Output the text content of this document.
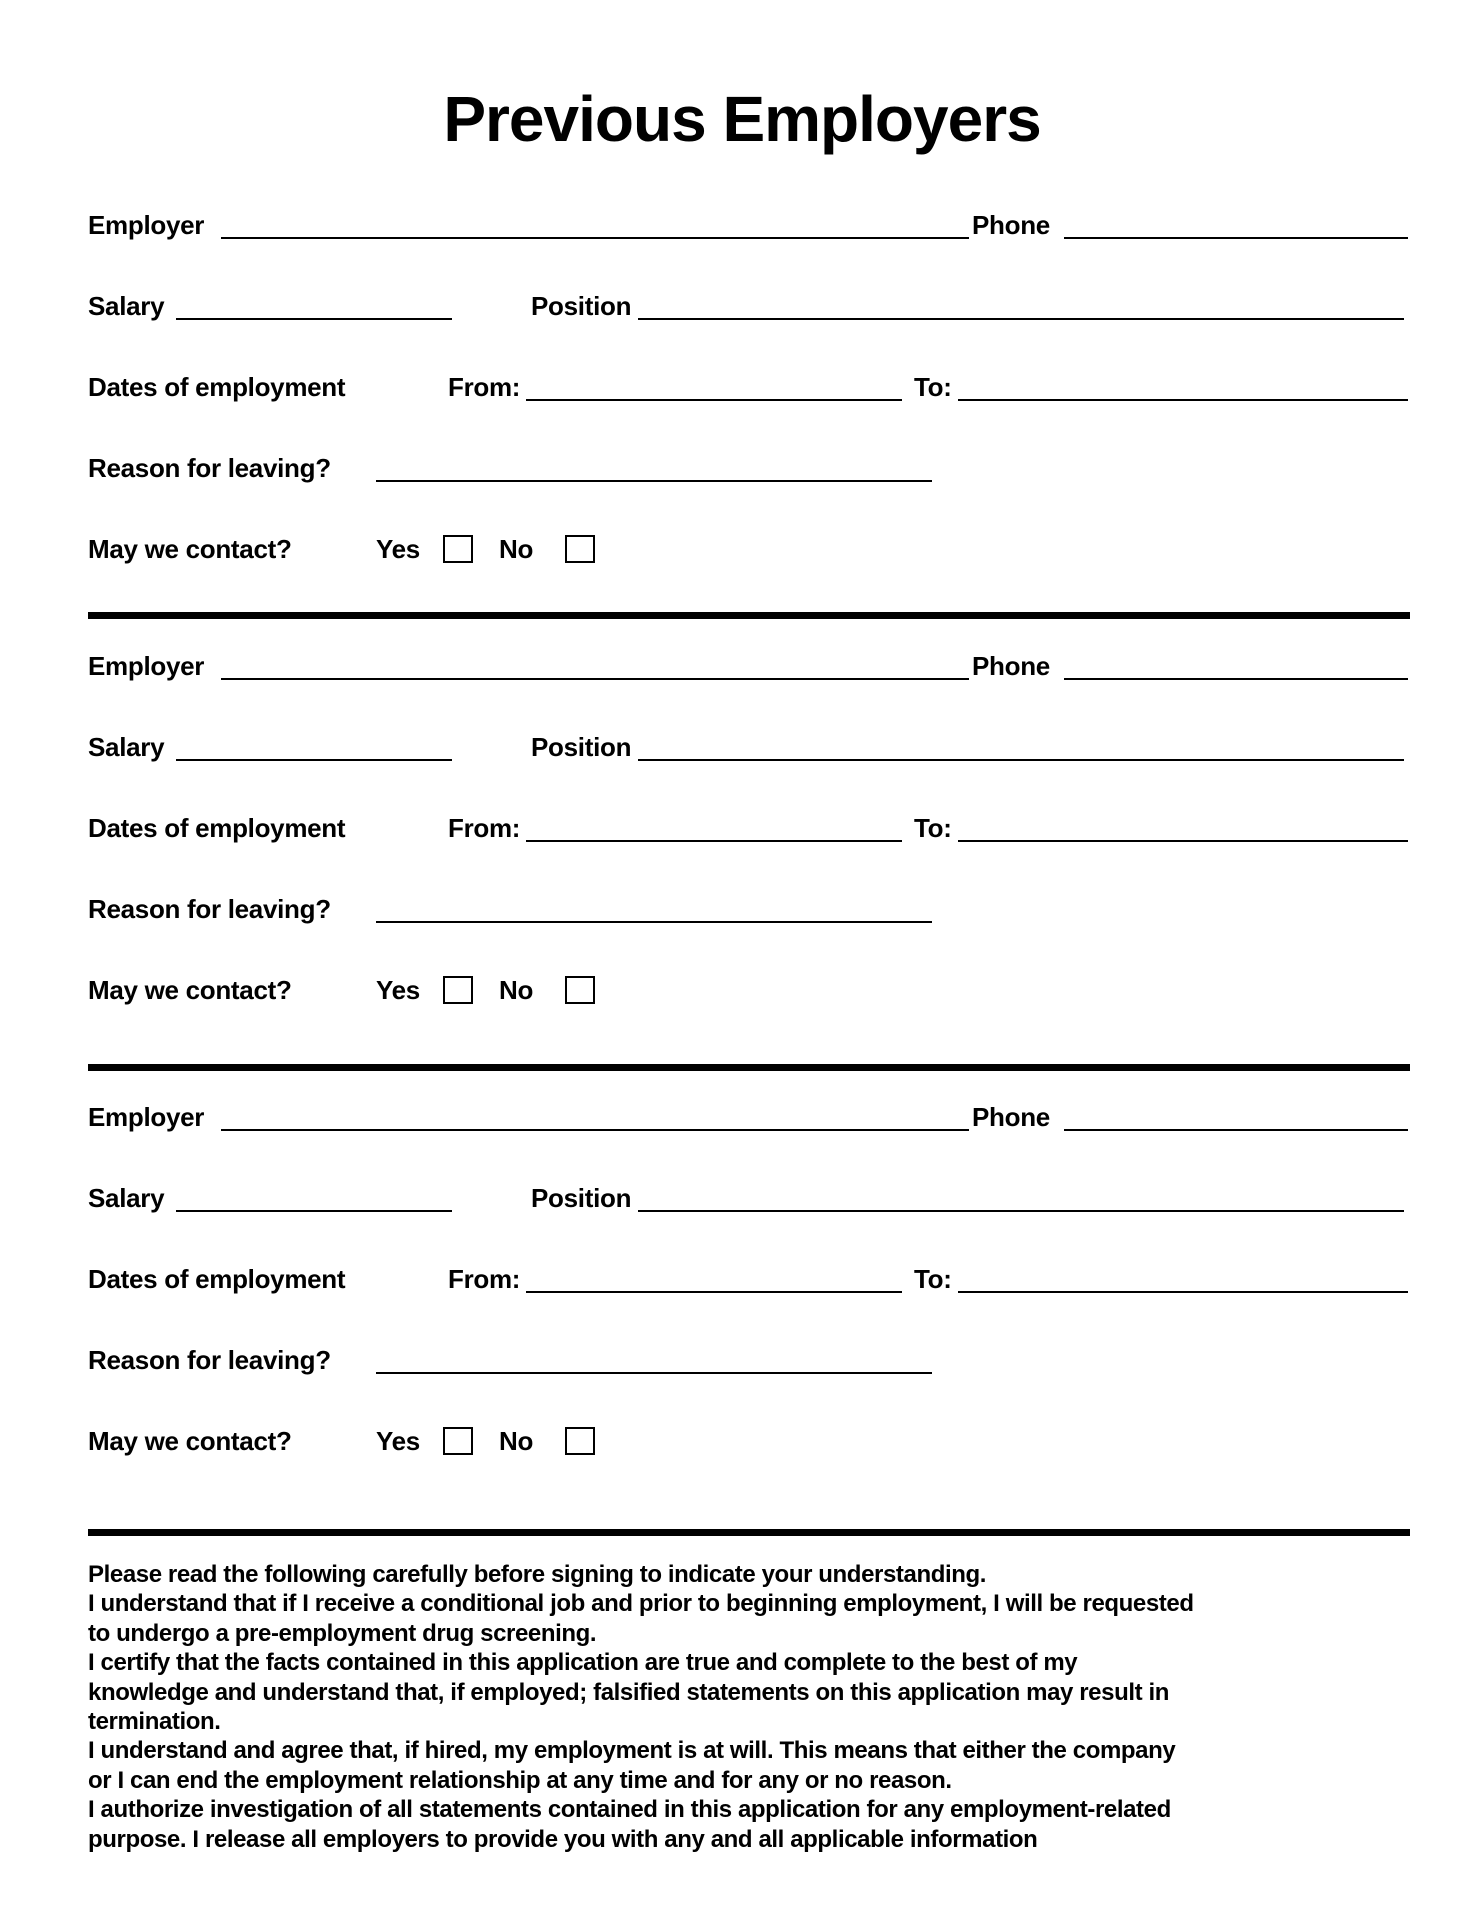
Previous Employers
Employer	Phone
Salary	Position
Dates of employment	From:	To:
Reason for leaving?
May we contact?	Yes	No
Employer	Phone
Salary	Position
Dates of employment	From:	To:
Reason for leaving?
May we contact?	Yes	No
Employer	Phone
Salary	Position
Dates of employment	From:	To:
Reason for leaving?
May we contact?	Yes	No
Please read the following carefully before signing to indicate your understanding.
I understand that if I receive a conditional job and prior to beginning employment, I will be requested
to undergo a pre-employment drug screening.
I certify that the facts contained in this application are true and complete to the best of my
knowledge and understand that, if employed; falsified statements on this application may result in
termination.
I understand and agree that, if hired, my employment is at will. This means that either the company
or I can end the employment relationship at any time and for any or no reason.
I authorize investigation of all statements contained in this application for any employment-related
purpose. I release all employers to provide you with any and all applicable information
